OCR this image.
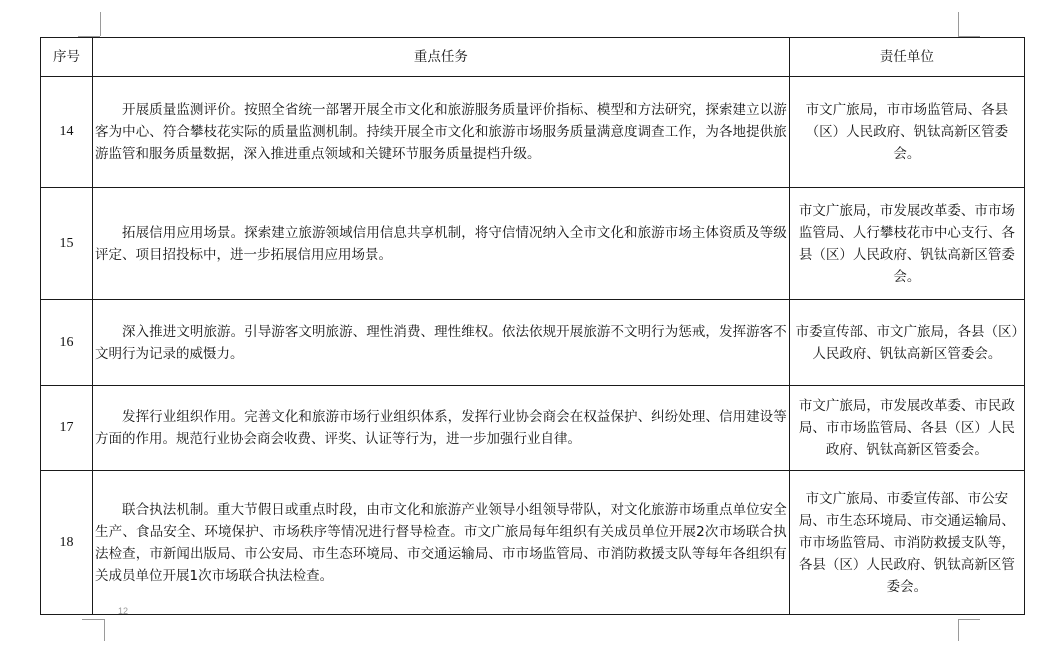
序号	重点任务	责任单位
14	开展质量监测评价。按照全省统一部署开展全市文化和旅游服务质量评价指标、模型和方法研究，探索建立以游客为中心、符合攀枝花实际的质量监测机制。持续开展全市文化和旅游市场服务质量满意度调查工作，为各地提供旅游监管和服务质量数据，深入推进重点领域和关键环节服务质量提档升级。	市文广旅局，市市场监管局、各县（区）人民政府、钒钛高新区管委会。
15	拓展信用应用场景。探索建立旅游领域信用信息共享机制，将守信情况纳入全市文化和旅游市场主体资质及等级评定、项目招投标中，进一步拓展信用应用场景。	市文广旅局，市发展改革委、市市场监管局、人行攀枝花市中心支行、各县（区）人民政府、钒钛高新区管委会。
16	深入推进文明旅游。引导游客文明旅游、理性消费、理性维权。依法依规开展旅游不文明行为惩戒，发挥游客不文明行为记录的威慑力。	市委宣传部、市文广旅局，各县（区）人民政府、钒钛高新区管委会。
17	发挥行业组织作用。完善文化和旅游市场行业组织体系，发挥行业协会商会在权益保护、纠纷处理、信用建设等方面的作用。规范行业协会商会收费、评奖、认证等行为，进一步加强行业自律。	市文广旅局，市发展改革委、市民政局、市市场监管局、各县（区）人民政府、钒钛高新区管委会。
18	联合执法机制。重大节假日或重点时段，由市文化和旅游产业领导小组领导带队，对文化旅游市场重点单位安全生产、食品安全、环境保护、市场秩序等情况进行督导检查。市文广旅局每年组织有关成员单位开展2次市场联合执法检查，市新闻出版局、市公安局、市生态环境局、市交通运输局、市市场监管局、市消防救援支队等每年各组织有关成员单位开展1次市场联合执法检查。	市文广旅局、市委宣传部、市公安局、市生态环境局、市交通运输局、市市场监管局、市消防救援支队等，各县（区）人民政府、钒钛高新区管委会。
12
